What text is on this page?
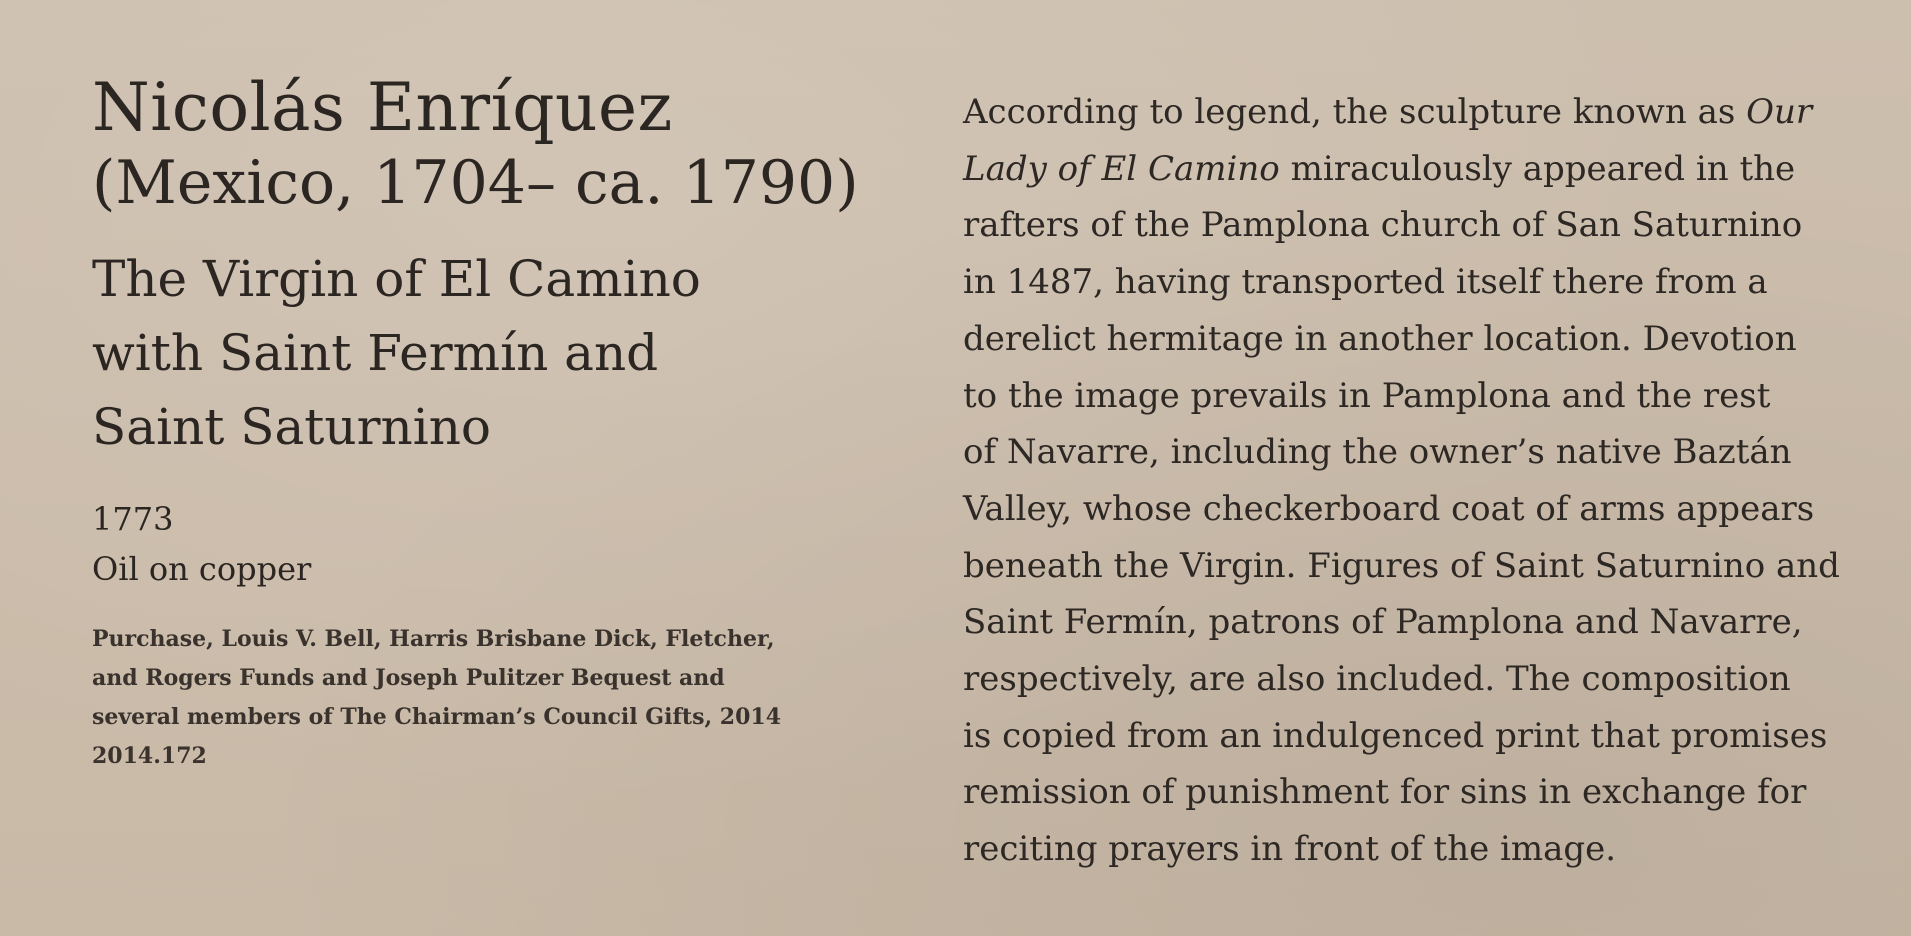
Nicolás Enríquez

(Mexico, 1704– ca. 1790)

The Virgin of El Camino
with Saint Fermín and
Saint Saturnino
1773
Oil on copper
Purchase, Louis V. Bell, Harris Brisbane Dick, Fletcher,
and Rogers Funds and Joseph Pulitzer Bequest and
several members of The Chairman’s Council Gifts, 2014
2014.172
According to legend, the sculpture known as Our
Lady of El Camino miraculously appeared in the
rafters of the Pamplona church of San Saturnino
in 1487, having transported itself there from a
derelict hermitage in another location. Devotion
to the image prevails in Pamplona and the rest
of Navarre, including the owner’s native Baztán
Valley, whose checkerboard coat of arms appears
beneath the Virgin. Figures of Saint Saturnino and
Saint Fermín, patrons of Pamplona and Navarre,
respectively, are also included. The composition
is copied from an indulgenced print that promises
remission of punishment for sins in exchange for
reciting prayers in front of the image.
